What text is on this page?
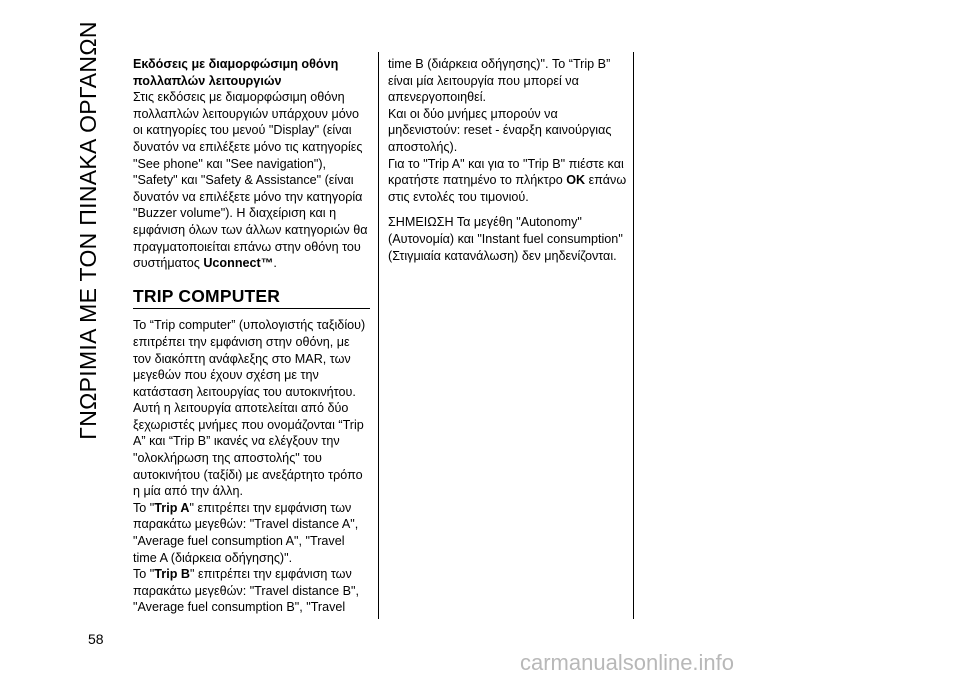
ΓΝΩΡΙΜΙΑ ΜΕ ΤΟΝ ΠΙΝΑΚΑ ΟΡΓΑΝΩΝ
58

Εκδόσεις με διαμορφώσιμη οθόνη πολλαπλών λειτουργιών

Στις εκδόσεις με διαμορφώσιμη οθόνη πολλαπλών λειτουργιών υπάρχουν μόνο οι κατηγορίες του μενού "Display" (είναι δυνατόν να επιλέξετε μόνο τις κατηγορίες "See phone" και "See navigation"), "Safety" και "Safety & Assistance" (είναι δυνατόν να επιλέξετε μόνο την κατηγορία "Buzzer volume"). Η διαχείριση και η εμφάνιση όλων των άλλων κατηγοριών θα πραγματοποιείται επάνω στην οθόνη του συστήματος Uconnect™.

TRIP COMPUTER

Το “Trip computer” (υπολογιστής ταξιδίου) επιτρέπει την εμφάνιση στην οθόνη, με τον διακόπτη ανάφλεξης στο MAR, των μεγεθών που έχουν σχέση με την κατάσταση λειτουργίας του αυτοκινήτου.

Αυτή η λειτουργία αποτελείται από δύο ξεχωριστές μνήμες που ονομάζονται “Trip A” και “Trip B” ικανές να ελέγξουν την "ολοκλήρωση της αποστολής" του αυτοκινήτου (ταξίδι) με ανεξάρτητο τρόπο η μία από την άλλη.

Το "Trip A" επιτρέπει την εμφάνιση των παρακάτω μεγεθών: "Travel distance A", "Average fuel consumption A", "Travel time A (διάρκεια οδήγησης)".

Το "Trip B" επιτρέπει την εμφάνιση των παρακάτω μεγεθών: "Travel distance B", "Average fuel consumption B", "Travel

time B (διάρκεια οδήγησης)". Το “Trip B” είναι μία λειτουργία που μπορεί να απενεργοποιηθεί.

Και οι δύο μνήμες μπορούν να μηδενιστούν: reset - έναρξη καινούργιας αποστολής).

Για το "Trip A" και για το "Trip B" πιέστε και κρατήστε πατημένο το πλήκτρο OK επάνω στις εντολές του τιμονιού.

ΣΗΜΕΙΩΣΗ Τα μεγέθη "Autonomy" (Αυτονομία) και "Instant fuel consumption" (Στιγμιαία κατανάλωση) δεν μηδενίζονται.

carmanualsonline.info
